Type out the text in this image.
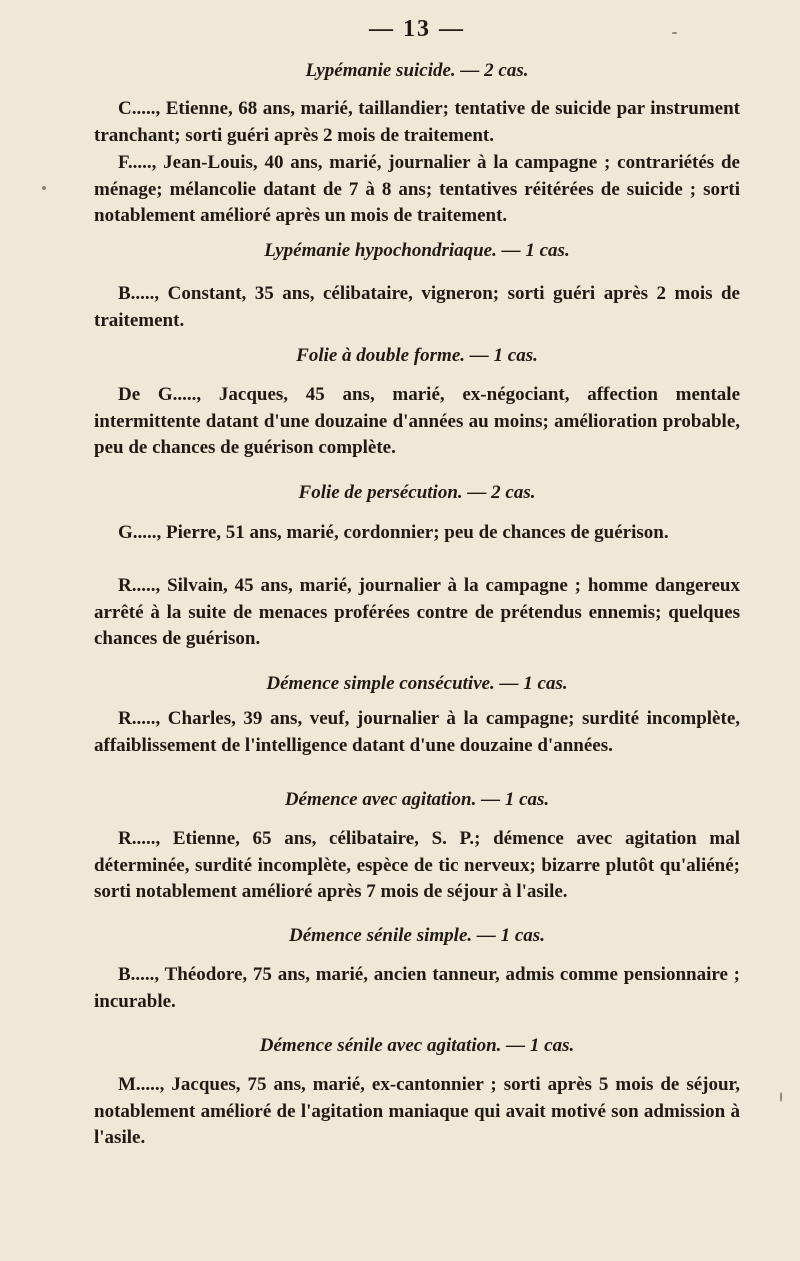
— 13 —
Lypémanie suicide. — 2 cas.

C....., Etienne, 68 ans, marié, taillandier; tentative de suicide par instrument tranchant; sorti guéri après 2 mois de traitement.

F....., Jean-Louis, 40 ans, marié, journalier à la campagne ; contrariétés de ménage; mélancolie datant de 7 à 8 ans; tentatives réitérées de suicide ; sorti notablement amélioré après un mois de traitement.

Lypémanie hypochondriaque. — 1 cas.

B....., Constant, 35 ans, célibataire, vigneron; sorti guéri après 2 mois de traitement.

Folie à double forme. — 1 cas.

De G....., Jacques, 45 ans, marié, ex-négociant, affection mentale intermittente datant d'une douzaine d'années au moins; amélioration probable, peu de chances de guérison complète.

Folie de persécution. — 2 cas.

G....., Pierre, 51 ans, marié, cordonnier; peu de chances de guérison.

R....., Silvain, 45 ans, marié, journalier à la campagne ; homme dangereux arrêté à la suite de menaces proférées contre de prétendus ennemis; quelques chances de guérison.

Démence simple consécutive. — 1 cas.

R....., Charles, 39 ans, veuf, journalier à la campagne; surdité incomplète, affaiblissement de l'intelligence datant d'une douzaine d'années.

Démence avec agitation. — 1 cas.

R....., Etienne, 65 ans, célibataire, S. P.; démence avec agitation mal déterminée, surdité incomplète, espèce de tic nerveux; bizarre plutôt qu'aliéné; sorti notablement amélioré après 7 mois de séjour à l'asile.

Démence sénile simple. — 1 cas.

B....., Théodore, 75 ans, marié, ancien tanneur, admis comme pensionnaire ; incurable.

Démence sénile avec agitation. — 1 cas.

M....., Jacques, 75 ans, marié, ex-cantonnier ; sorti après 5 mois de séjour, notablement amélioré de l'agitation maniaque qui avait motivé son admission à l'asile.
